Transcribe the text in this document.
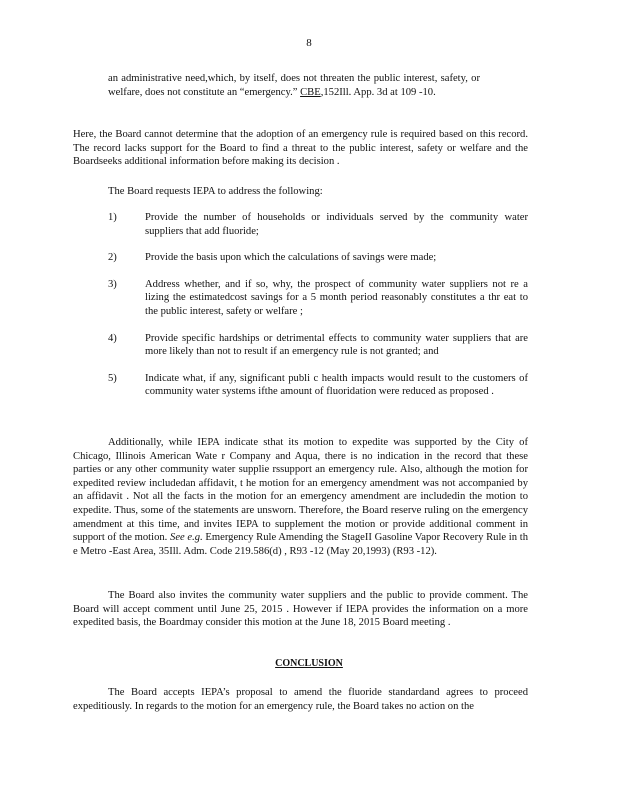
8

an administrative need,which, by itself, does not threaten the public interest, safety, or welfare, does not constitute an “emergency.” CBE,152Ill. App. 3d at 109 -10.

Here, the Board cannot determine that the adoption of an emergency rule is required based on this record. The record lacks support for the Board to find a threat to the public interest, safety or welfare and the Boardseeks additional information before making its decision .

The Board requests IEPA to address the following:

1)	Provide the number of households or individuals served by the community water suppliers that add fluoride;
2)	Provide the basis upon which the calculations of savings were made;
3)	Address whether, and if so, why, the prospect of community water suppliers not re a lizing the estimatedcost savings for a 5 month period reasonably constitutes a thr eat to the public interest, safety or welfare ;
4)	Provide specific hardships or detrimental effects to community water suppliers that are more likely than not to result if an emergency rule is not granted; and
5)	Indicate what, if any, significant publi c health impacts would result to the customers of community water systems ifthe amount of fluoridation were reduced as proposed .

Additionally, while IEPA indicate sthat its motion to expedite was supported by the City of Chicago, Illinois American Wate r Company and Aqua, there is no indication in the record that these parties or any other community water supplie rssupport an emergency rule. Also, although the motion for expedited review includedan affidavit, t he motion for an emergency amendment was not accompanied by an affidavit . Not all the facts in the motion for an emergency amendment are includedin the motion to expedite. Thus, some of the statements are unsworn. Therefore, the Board reserve ruling on the emergency amendment at this time, and invites IEPA to supplement the motion or provide additional comment in support of the motion. See e.g. Emergency Rule Amending the StageII Gasoline Vapor Recovery Rule in th e Metro -East Area, 35Ill. Adm. Code 219.586(d) , R93 -12 (May 20,1993) (R93 -12).

The Board also invites the community water suppliers and the public to provide comment. The Board will accept comment until June 25, 2015 . However if IEPA provides the information on a more expedited basis, the Boardmay consider this motion at the June 18, 2015 Board meeting .

CONCLUSION

The Board accepts IEPA’s proposal to amend the fluoride standardand agrees to proceed expeditiously. In regards to the motion for an emergency rule, the Board takes no action on the
